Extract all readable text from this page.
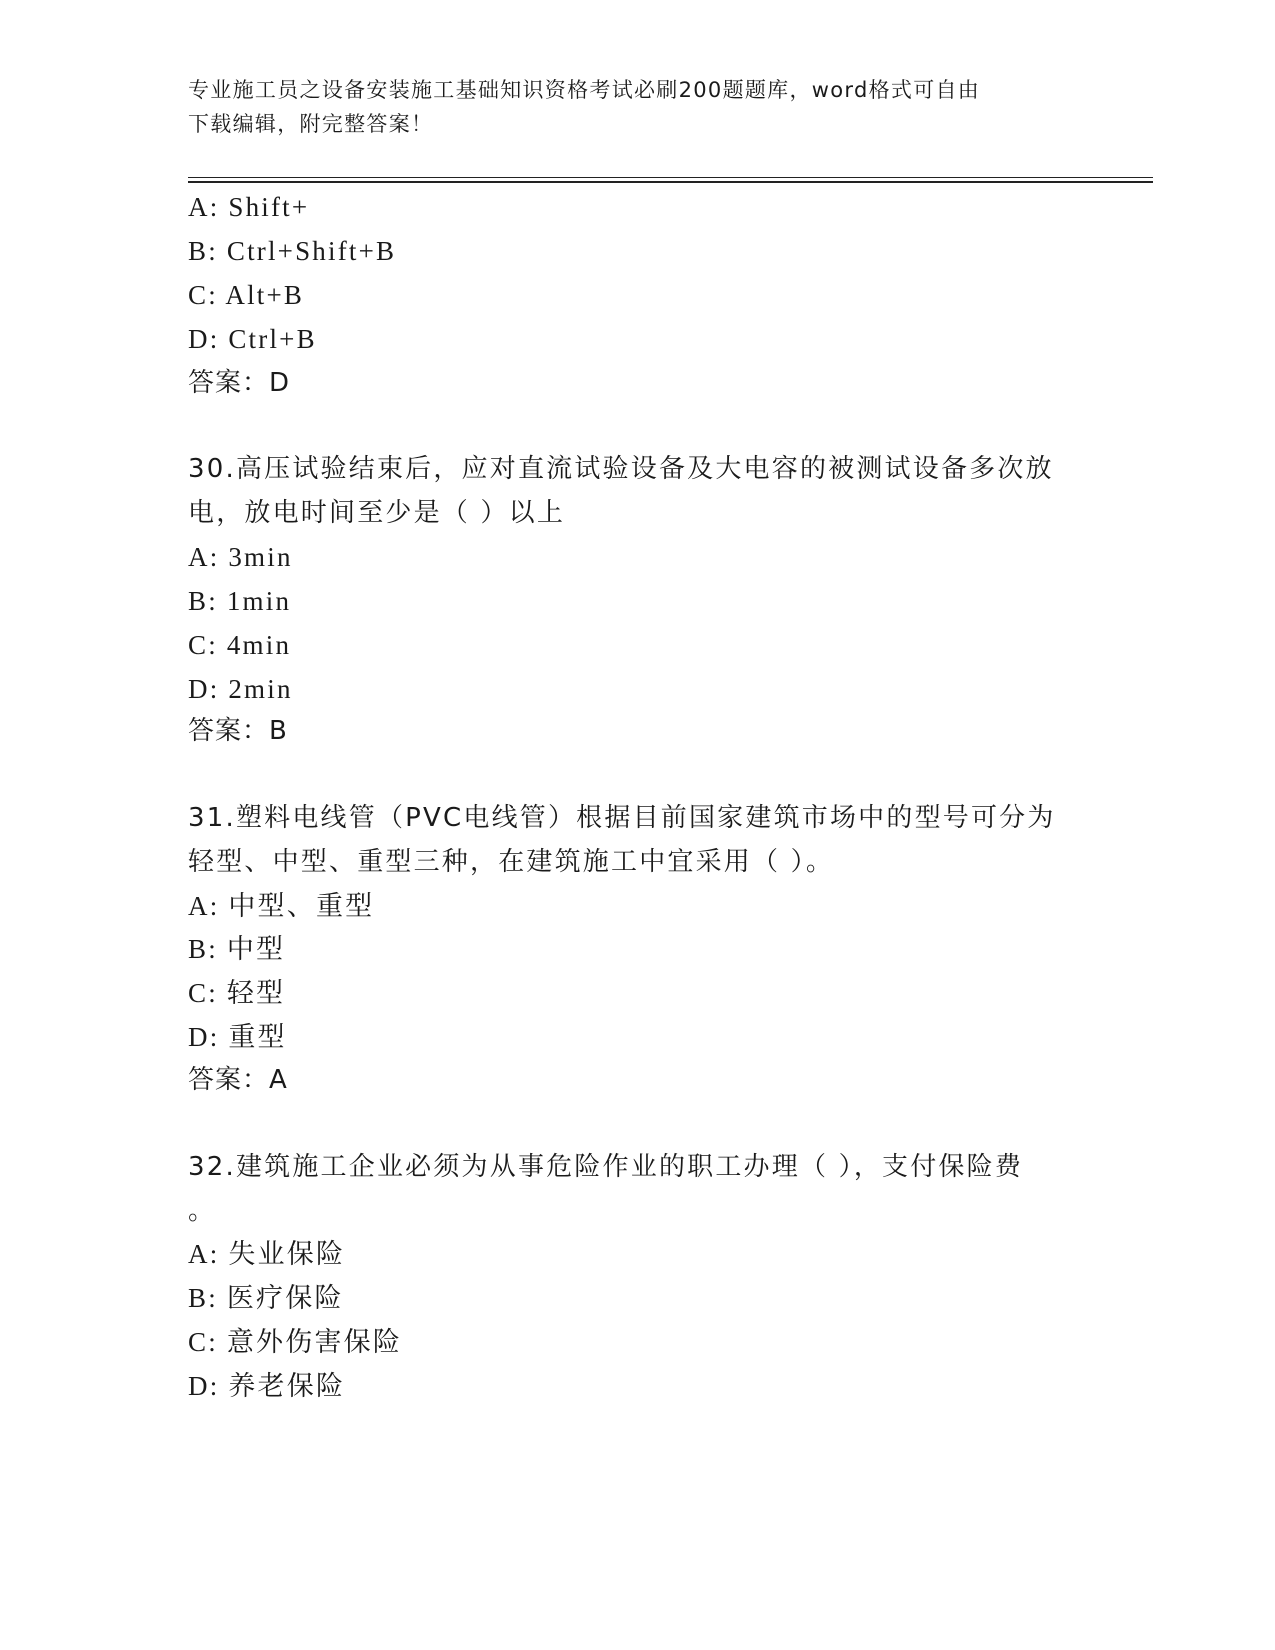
专业施工员之设备安装施工基础知识资格考试必刷200题题库，word格式可自由
下载编辑，附完整答案！
A: Shift+
B: Ctrl+Shift+B
C: Alt+B
D: Ctrl+B
答案：D
30.高压试验结束后，应对直流试验设备及大电容的被测试设备多次放
电，放电时间至少是（ ）以上
A: 3min
B: 1min
C: 4min
D: 2min
答案：B
31.塑料电线管（PVC电线管）根据目前国家建筑市场中的型号可分为
轻型、中型、重型三种，在建筑施工中宜采用（ ）。
A: 中型、重型
B: 中型
C: 轻型
D: 重型
答案：A
32.建筑施工企业必须为从事危险作业的职工办理（ ），支付保险费
。
A: 失业保险
B: 医疗保险
C: 意外伤害保险
D: 养老保险
